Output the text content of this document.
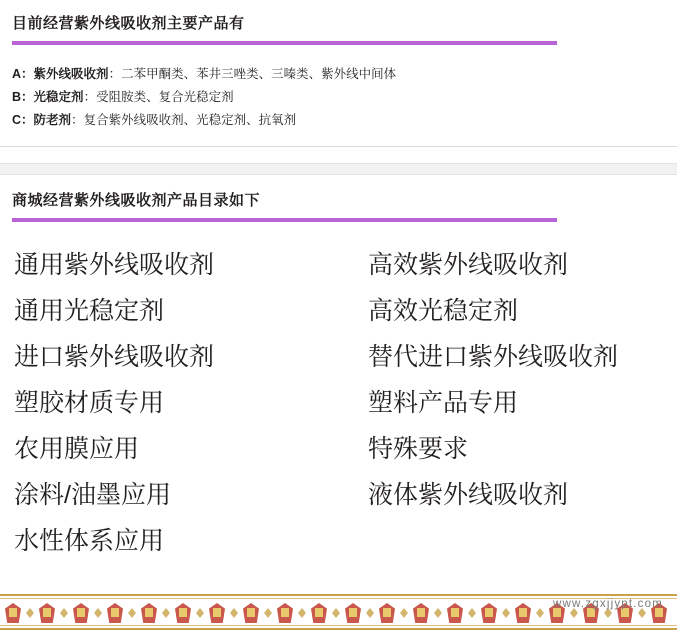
目前经营紫外线吸收剂主要产品有
A：紫外线吸收剂：二苯甲酮类、苯井三唑类、三嗪类、紫外线中间体
B：光稳定剂：受阻胺类、复合光稳定剂
C：防老剂：复合紫外线吸收剂、光稳定剂、抗氧剂
商城经营紫外线吸收剂产品目录如下
通用紫外线吸收剂	高效紫外线吸收剂
通用光稳定剂	高效光稳定剂
进口紫外线吸收剂	替代进口紫外线吸收剂
塑胶材质专用	塑料产品专用
农用膜应用	特殊要求
涂料/油墨应用	液体紫外线吸收剂
水性体系应用
www.zgxjjypt.com
